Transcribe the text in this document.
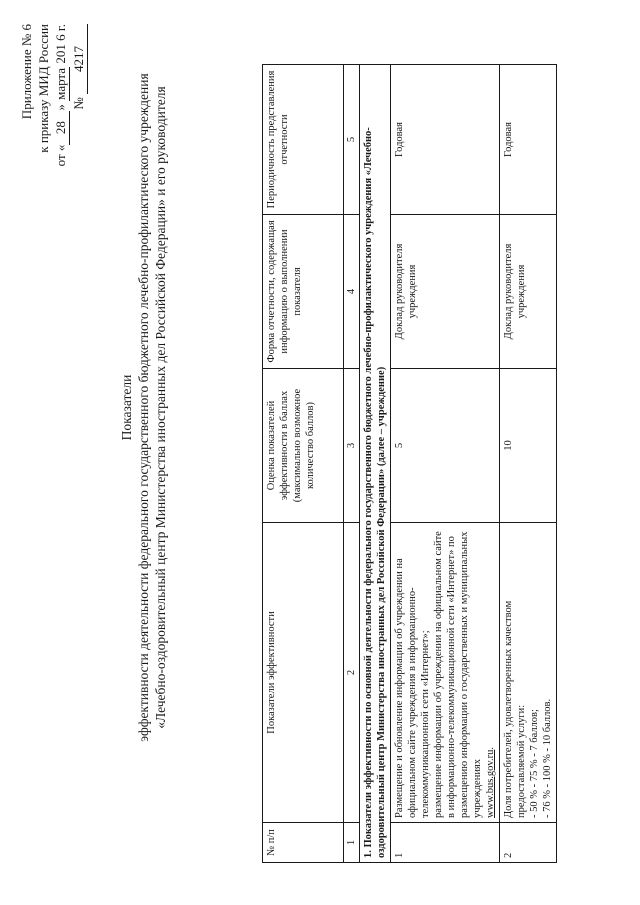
Приложение № 6 к приказу МИД России
от «28» марта 201 6 г.
№ 4217
Показатели эффективности деятельности федерального государственного бюджетного лечебно-профилактического учреждения «Лечебно-оздоровительный центр Министерства иностранных дел Российской Федерации» и его руководителя
№ п/п	Показатели эффективности	Оценка показателей эффективности в баллах (максимально возможное количество баллов)	Форма отчетности, содержащая информацию о выполнении показателя	Периодичность представления отчетности
1	2	3	4	5
1. Показатели эффективности по основной деятельности федерального государственного бюджетного лечебно-профилактического учреждения «Лечебно-оздоровительный центр Министерства иностранных дел Российской Федерации» (далее – учреждение)				
1	Размещение и обновление информации об учреждении на официальном сайте учреждения в информационно-телекоммуникационной сети «Интернет»; размещение информации об учреждении на официальном сайте в информационно-телекоммуникационной сети «Интернет» по размещению информации о государственных и муниципальных учреждениях www.bus.gov.ru.	5	Доклад руководителя учреждения	Годовая
2	Доля потребителей, удовлетворенных качеством предоставляемой услуги: - 50 % - 75 % - 7 баллов; - 76 % - 100 % - 10 баллов.	10	Доклад руководителя учреждения	Годовая
